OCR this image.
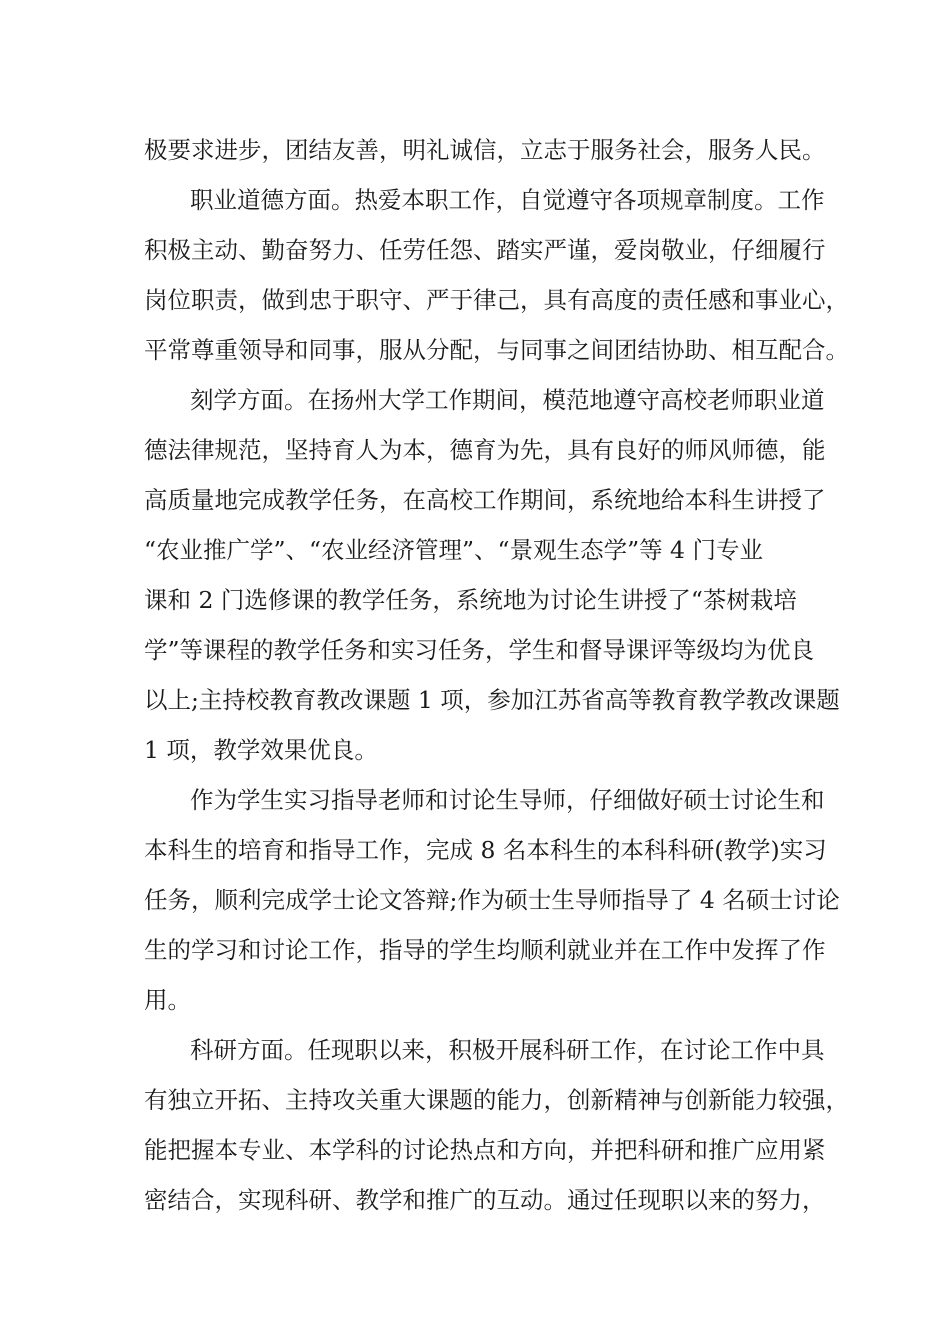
极要求进步，团结友善，明礼诚信，立志于服务社会，服务人民。
职业道德方面。热爱本职工作，自觉遵守各项规章制度。工作
积极主动、勤奋努力、任劳任怨、踏实严谨，爱岗敬业，仔细履行
岗位职责，做到忠于职守、严于律己，具有高度的责任感和事业心，
平常尊重领导和同事，服从分配，与同事之间团结协助、相互配合。
刻学方面。在扬州大学工作期间，模范地遵守高校老师职业道
德法律规范，坚持育人为本，德育为先，具有良好的师风师德，能
高质量地完成教学任务，在高校工作期间，系统地给本科生讲授了
“农业推广学”、“农业经济管理”、“景观生态学”等 4 门专业
课和 2 门选修课的教学任务，系统地为讨论生讲授了“茶树栽培
学”等课程的教学任务和实习任务，学生和督导课评等级均为优良
以上;主持校教育教改课题 1 项，参加江苏省高等教育教学教改课题
1 项，教学效果优良。
作为学生实习指导老师和讨论生导师，仔细做好硕士讨论生和
本科生的培育和指导工作，完成 8 名本科生的本科科研(教学)实习
任务，顺利完成学士论文答辩;作为硕士生导师指导了 4 名硕士讨论
生的学习和讨论工作，指导的学生均顺利就业并在工作中发挥了作
用。
科研方面。任现职以来，积极开展科研工作，在讨论工作中具
有独立开拓、主持攻关重大课题的能力，创新精神与创新能力较强，
能把握本专业、本学科的讨论热点和方向，并把科研和推广应用紧
密结合，实现科研、教学和推广的互动。通过任现职以来的努力，
